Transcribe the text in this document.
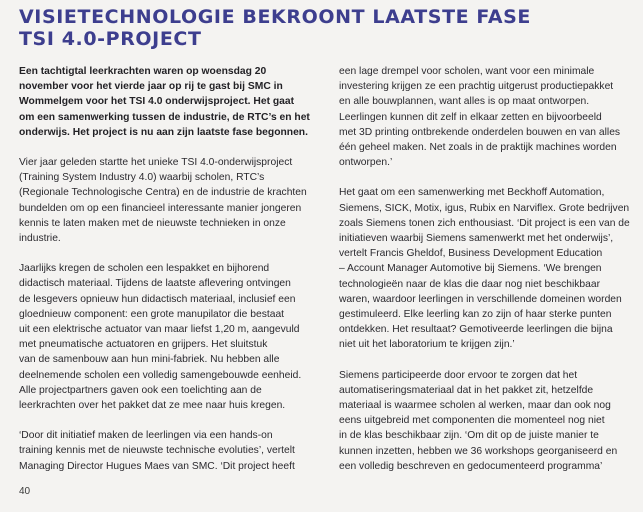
VISIETECHNOLOGIE BEKROONT LAATSTE FASE
TSI 4.0-PROJECT

Een tachtigtal leerkrachten waren op woensdag 20
november voor het vierde jaar op rij te gast bij SMC in
Wommelgem voor het TSI 4.0 onderwijsproject. Het gaat
om een samenwerking tussen de industrie, de RTC’s en het
onderwijs. Het project is nu aan zijn laatste fase begonnen.

Vier jaar geleden startte het unieke TSI 4.0-onderwijsproject
(Training System Industry 4.0) waarbij scholen, RTC’s
(Regionale Technologische Centra) en de industrie de krachten
bundelden om op een financieel interessante manier jongeren
kennis te laten maken met de nieuwste technieken in onze
industrie.

Jaarlijks kregen de scholen een lespakket en bijhorend
didactisch materiaal. Tijdens de laatste aflevering ontvingen
de lesgevers opnieuw hun didactisch materiaal, inclusief een
gloednieuw component: een grote manupilator die bestaat
uit een elektrische actuator van maar liefst 1,20 m, aangevuld
met pneumatische actuatoren en grijpers. Het sluitstuk
van de samenbouw aan hun mini-fabriek. Nu hebben alle
deelnemende scholen een volledig samengebouwde eenheid.
Alle projectpartners gaven ook een toelichting aan de
leerkrachten over het pakket dat ze mee naar huis kregen.

‘Door dit initiatief maken de leerlingen via een hands-on
training kennis met de nieuwste technische evoluties’, vertelt
Managing Director Hugues Maes van SMC. ‘Dit project heeft

een lage drempel voor scholen, want voor een minimale
investering krijgen ze een prachtig uitgerust productiepakket
en alle bouwplannen, want alles is op maat ontworpen.
Leerlingen kunnen dit zelf in elkaar zetten en bijvoorbeeld
met 3D printing ontbrekende onderdelen bouwen en van alles
één geheel maken. Net zoals in de praktijk machines worden
ontworpen.’

Het gaat om een samenwerking met Beckhoff Automation,
Siemens, SICK, Motix, igus, Rubix en Narviflex. Grote bedrijven
zoals Siemens tonen zich enthousiast. ‘Dit project is een van de
initiatieven waarbij Siemens samenwerkt met het onderwijs’,
vertelt Francis Gheldof, Business Development Education
– Account Manager Automotive bij Siemens. ‘We brengen
technologieën naar de klas die daar nog niet beschikbaar
waren, waardoor leerlingen in verschillende domeinen worden
gestimuleerd. Elke leerling kan zo zijn of haar sterke punten
ontdekken. Het resultaat? Gemotiveerde leerlingen die bijna
niet uit het laboratorium te krijgen zijn.’

Siemens participeerde door ervoor te zorgen dat het
automatiseringsmateriaal dat in het pakket zit, hetzelfde
materiaal is waarmee scholen al werken, maar dan ook nog
eens uitgebreid met componenten die momenteel nog niet
in de klas beschikbaar zijn. ‘Om dit op de juiste manier te
kunnen inzetten, hebben we 36 workshops georganiseerd en
een volledig beschreven en gedocumenteerd programma’

40
